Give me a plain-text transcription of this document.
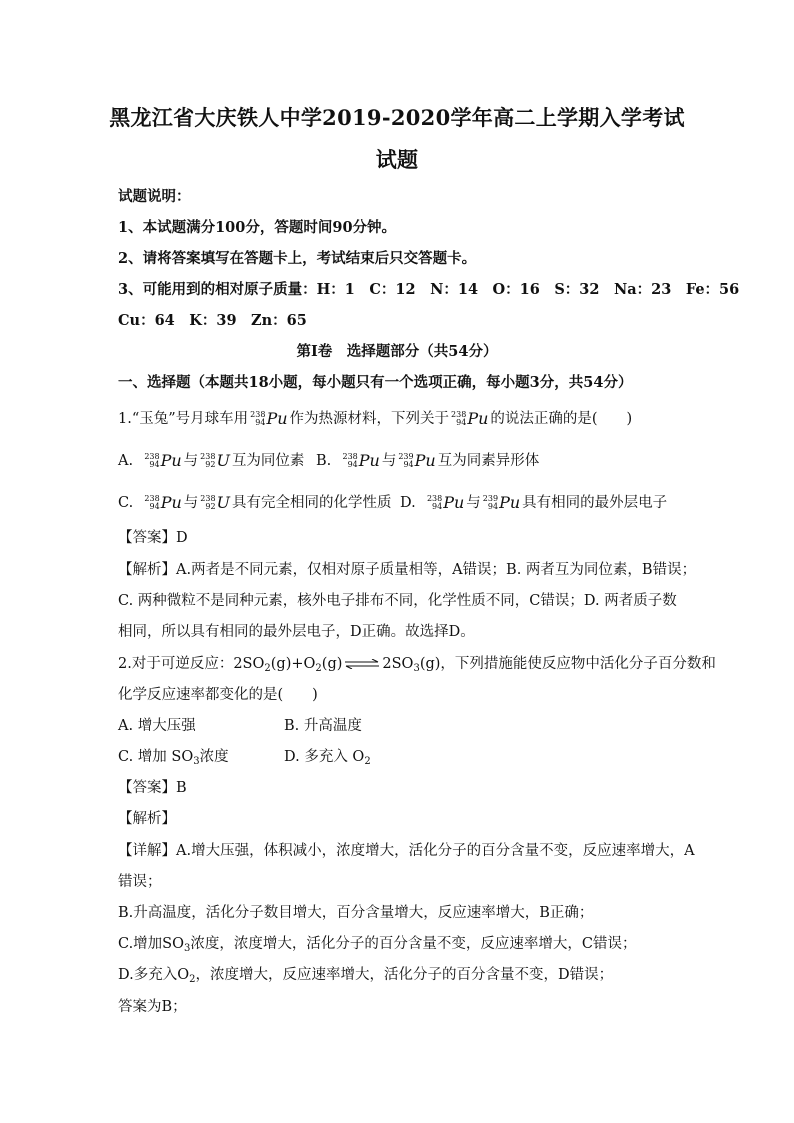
黑龙江省大庆铁人中学2019-2020学年高二上学期入学考试
试题
试题说明：
1、本试题满分100分，答题时间90分钟。
2、请将答案填写在答题卡上，考试结束后只交答题卡。
3、可能用到的相对原子质量：H：1　C：12　N：14　O：16　S：32　Na：23　Fe：56
Cu：64　K：39　Zn：65
第Ⅰ卷　选择题部分（共54分）
一、选择题（本题共18小题，每小题只有一个选项正确，每小题3分，共54分）
1.“玉兔”号月球车用 238
94 Pu 作为热源材料，下列关于 238
94 Pu 的说法正确的是(　　)
A. 238
94 Pu 与 238
92 U 互为同位素 B. 238
94 Pu 与 239
94 Pu 互为同素异形体
C. 238
94 Pu 与 238
92 U 具有完全相同的化学性质 D. 238
94 Pu 与 239
94 Pu 具有相同的最外层电子
【答案】D
【解析】A.两者是不同元素，仅相对原子质量相等，A错误；B. 两者互为同位素，B错误；
C. 两种微粒不是同种元素，核外电子排布不同，化学性质不同，C错误；D. 两者质子数
相同，所以具有相同的最外层电子，D正确。故选择D。
2.对于可逆反应：$2SO_2(g)+O_2(g)$ ⇌ $2SO_3(g)$，下列措施能使反应物中活化分子百分数和
化学反应速率都变化的是(　　)
A. 增大压强	B. 升高温度
C. 增加 $SO_3$浓度	D. 多充入 $O_2$
【答案】B
【解析】
【详解】A.增大压强，体积减小，浓度增大，活化分子的百分含量不变，反应速率增大，A
错误；
B.升高温度，活化分子数目增大，百分含量增大，反应速率增大，B正确；
C.增加$SO_3$浓度，浓度增大，活化分子的百分含量不变，反应速率增大，C错误；
D.多充入$O_2$，浓度增大，反应速率增大，活化分子的百分含量不变，D错误；
答案为B；
